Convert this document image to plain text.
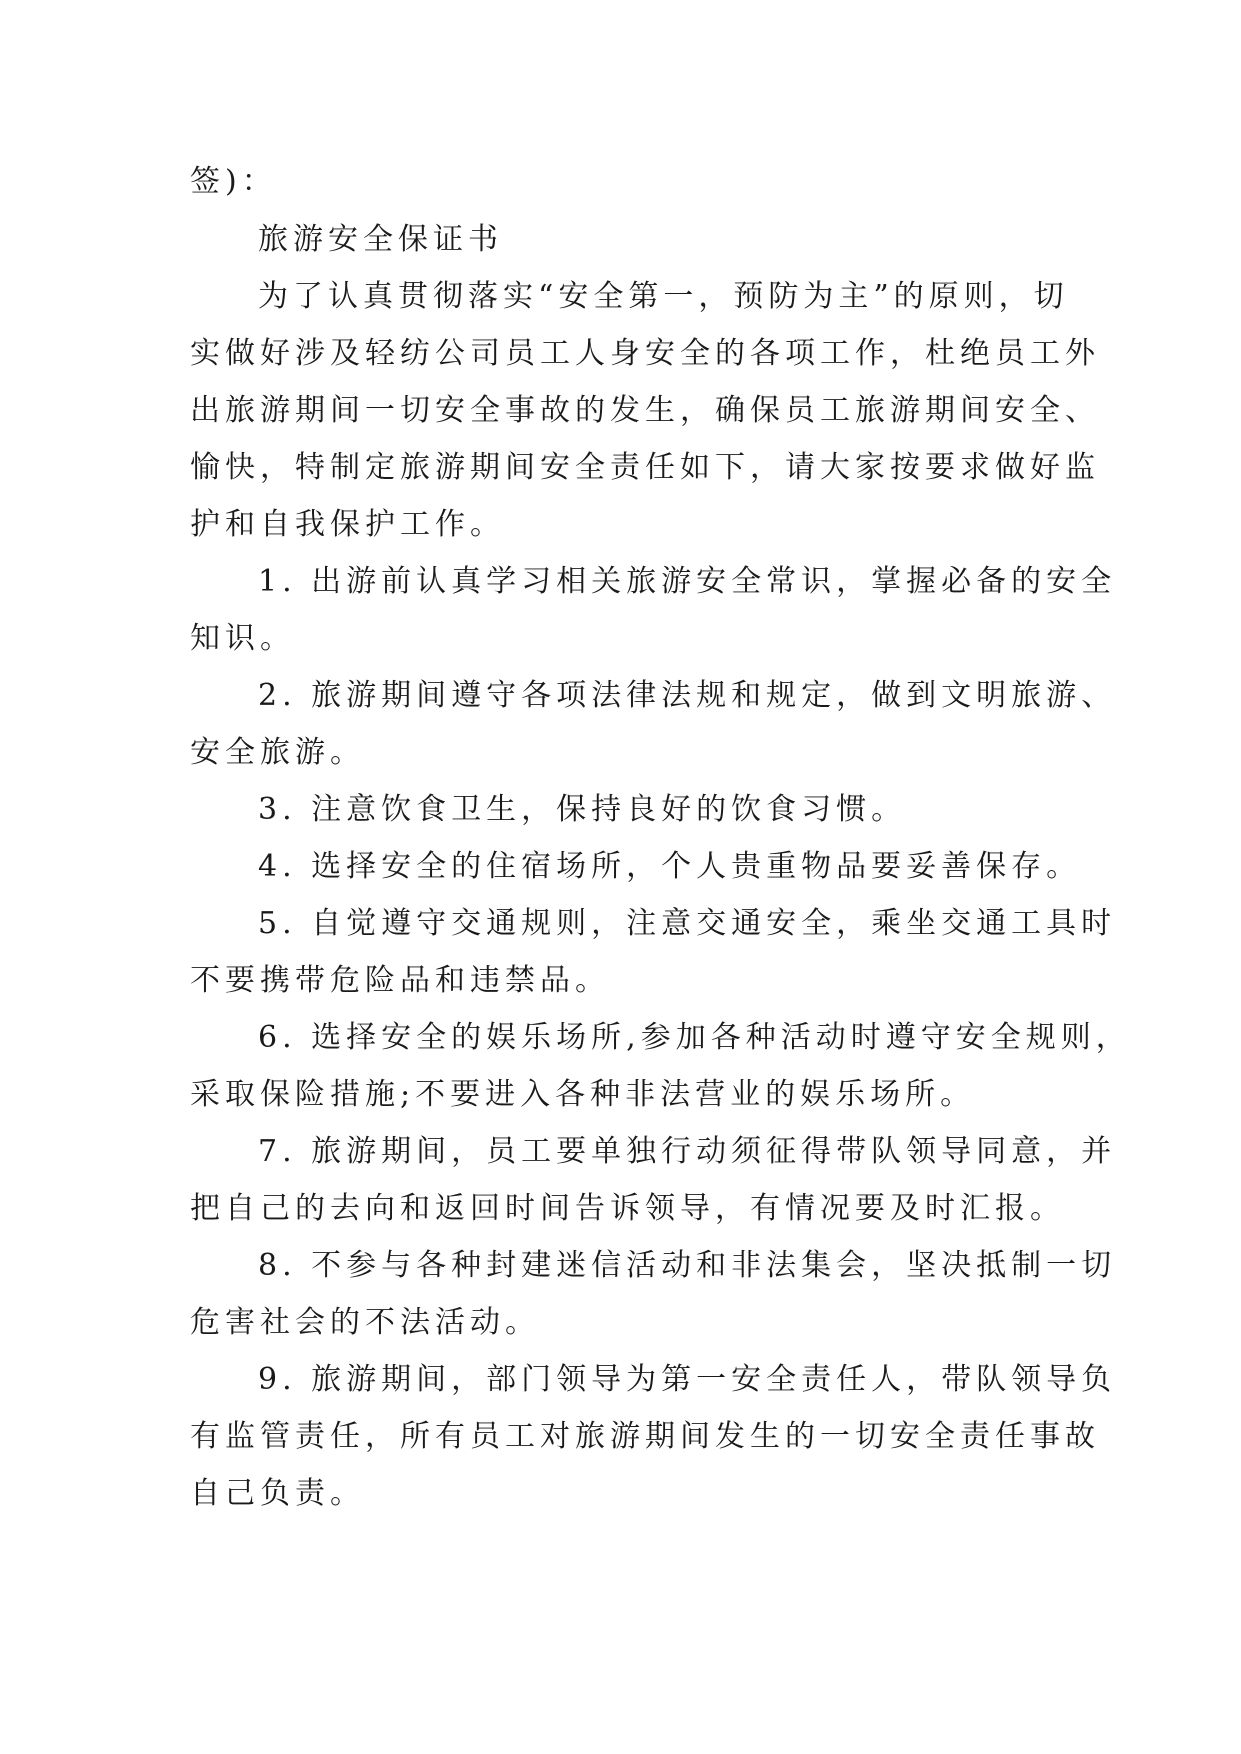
签)：
旅游安全保证书
为了认真贯彻落实“安全第一，预防为主”的原则，切
实做好涉及轻纺公司员工人身安全的各项工作，杜绝员工外
出旅游期间一切安全事故的发生，确保员工旅游期间安全、
愉快，特制定旅游期间安全责任如下，请大家按要求做好监
护和自我保护工作。
1. 出游前认真学习相关旅游安全常识，掌握必备的安全
知识。
2. 旅游期间遵守各项法律法规和规定，做到文明旅游、
安全旅游。
3. 注意饮食卫生，保持良好的饮食习惯。
4. 选择安全的住宿场所，个人贵重物品要妥善保存。
5. 自觉遵守交通规则，注意交通安全，乘坐交通工具时
不要携带危险品和违禁品。
6. 选择安全的娱乐场所,参加各种活动时遵守安全规则，
采取保险措施;不要进入各种非法营业的娱乐场所。
7. 旅游期间，员工要单独行动须征得带队领导同意，并
把自己的去向和返回时间告诉领导，有情况要及时汇报。
8. 不参与各种封建迷信活动和非法集会，坚决抵制一切
危害社会的不法活动。
9. 旅游期间，部门领导为第一安全责任人，带队领导负
有监管责任，所有员工对旅游期间发生的一切安全责任事故
自己负责。
